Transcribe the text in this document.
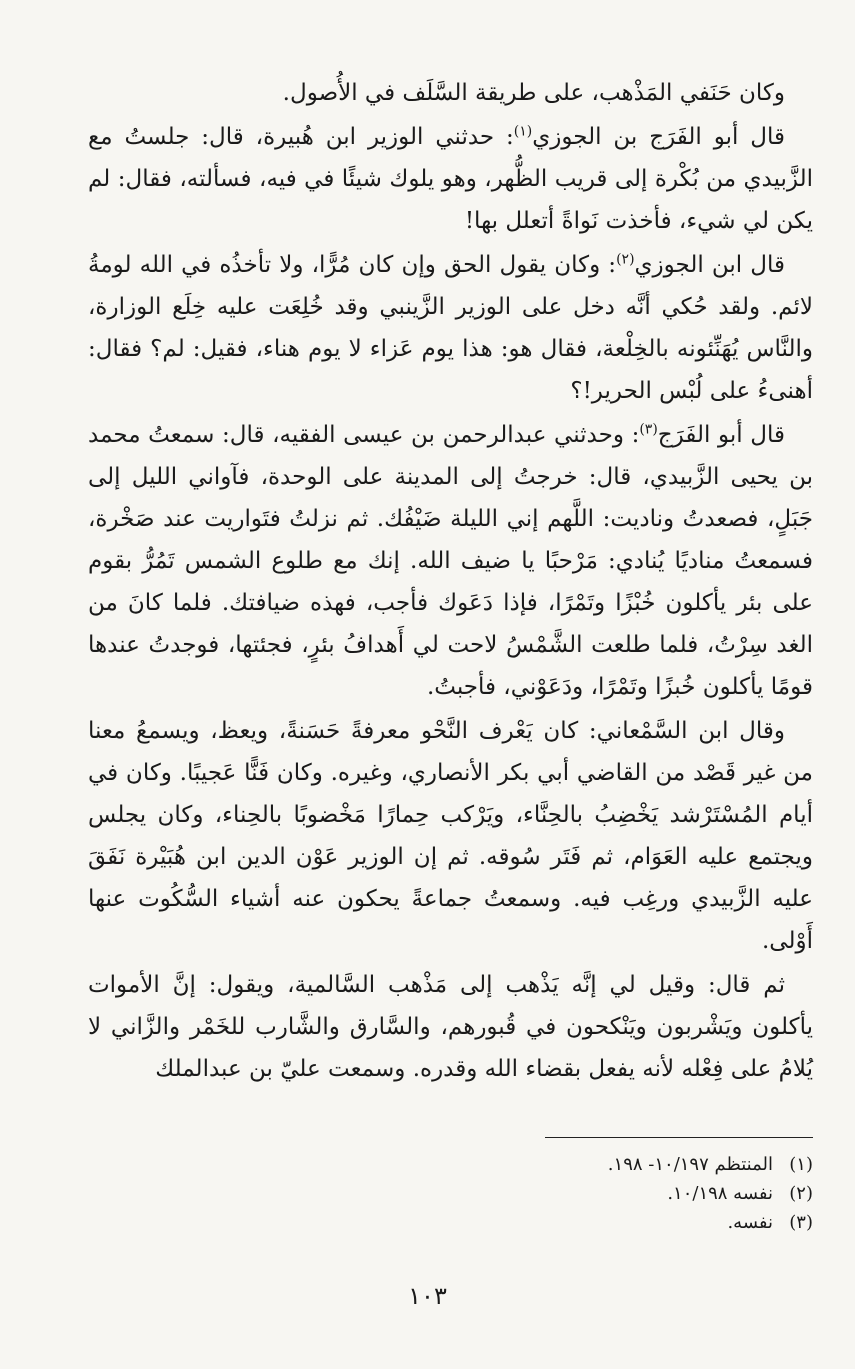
وكان حَنَفي المَذْهب، على طريقة السَّلَف في الأُصول.

قال أبو الفَرَج بن الجوزي$^{(١)}$: حدثني الوزير ابن هُبيرة، قال: جلستُ مع الزَّبيدي من بُكْرة إلى قريب الظُّهر، وهو يلوك شيئًا في فيه، فسألته، فقال: لم يكن لي شيء، فأخذت نَواةً أتعلل بها!

قال ابن الجوزي$^{(٢)}$: وكان يقول الحق وإن كان مُرًّا، ولا تأخذُه في الله لومةُ لائم. ولقد حُكي أنَّه دخل على الوزير الزَّينبي وقد خُلِعَت عليه خِلَع الوزارة، والنَّاس يُهَنِّئونه بالخِلْعة، فقال هو: هذا يوم عَزاء لا يوم هناء، فقيل: لم؟ فقال: أهنىءُ على لُبْس الحرير!؟

قال أبو الفَرَج$^{(٣)}$: وحدثني عبدالرحمن بن عيسى الفقيه، قال: سمعتُ محمد بن يحيى الزَّبيدي، قال: خرجتُ إلى المدينة على الوحدة، فآواني الليل إلى جَبَلٍ، فصعدتُ وناديت: اللَّهم إني الليلة ضَيْفُك. ثم نزلتُ فتَواريت عند صَخْرة، فسمعتُ مناديًا يُنادي: مَرْحبًا يا ضيف الله. إنك مع طلوع الشمس تَمُرُّ بقوم على بئر يأكلون خُبْزًا وتَمْرًا، فإذا دَعَوك فأجب، فهذه ضيافتك. فلما كانَ من الغد سِرْتُ، فلما طلعت الشَّمْسُ لاحت لي أَهدافُ بئرٍ، فجئتها، فوجدتُ عندها قومًا يأكلون خُبزًا وتَمْرًا، ودَعَوْني، فأجبتُ.

وقال ابن السَّمْعاني: كان يَعْرف النَّحْو معرفةً حَسَنةً، ويعظ، ويسمعُ معنا من غير قَصْد من القاضي أبي بكر الأنصاري، وغيره. وكان فَنًّا عَجيبًا. وكان في أيام المُسْتَرْشد يَخْضِبُ بالحِنَّاء، ويَرْكب حِمارًا مَخْضوبًا بالحِناء، وكان يجلس ويجتمع عليه العَوَام، ثم فَتَر سُوقه. ثم إن الوزير عَوْن الدين ابن هُبَيْرة نَفَقَ عليه الزَّبيدي ورغِب فيه. وسمعتُ جماعةً يحكون عنه أشياء السُّكُوت عنها أَوْلى.

ثم قال: وقيل لي إنَّه يَذْهب إلى مَذْهب السَّالمية، ويقول: إنَّ الأموات يأكلون ويَشْربون ويَنْكحون في قُبورهم، والسَّارق والشَّارب للخَمْر والزَّاني لا يُلامُ على فِعْله لأنه يفعل بقضاء الله وقدره. وسمعت عليّ بن عبدالملك

(١)المنتظم ١٠/١٩٧- ١٩٨.
(٢)نفسه ١٠/١٩٨.
(٣)نفسه.
١٠٣
